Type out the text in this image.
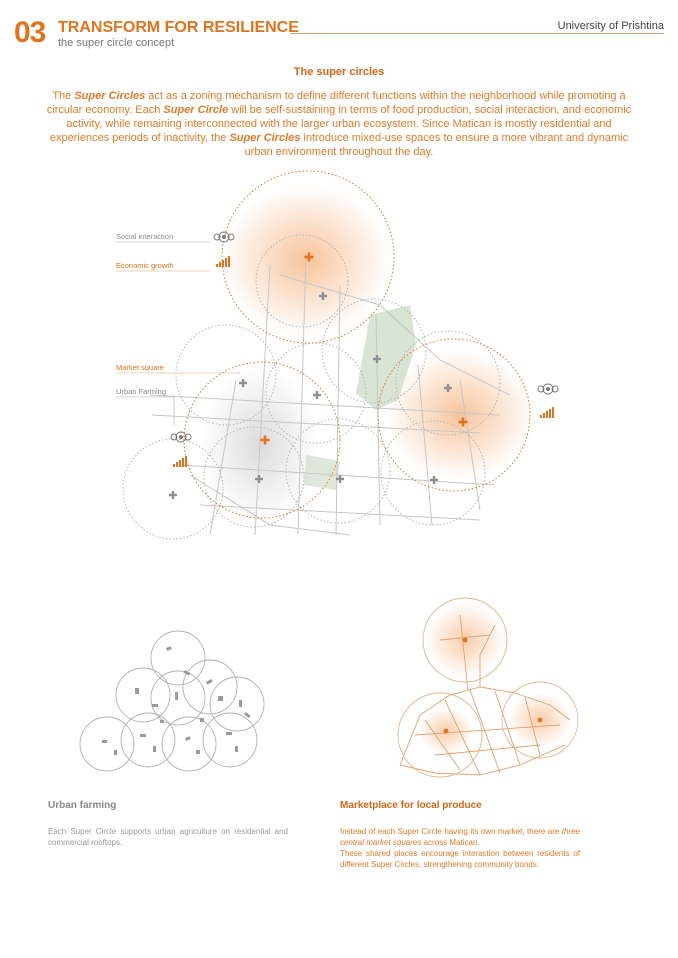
03 TRANSFORM FOR RESILIENCE
the super circle concept
University of Prishtina
The super circles
The Super Circles act as a zoning mechanism to define different functions within the neighborhood while promoting a circular economy. Each Super Circle will be self-sustaining in terms of food production, social interaction, and economic activity, while remaining interconnected with the larger urban ecosystem. Since Matican is mostly residential and experiences periods of inactivity, the Super Circles introduce mixed-use spaces to ensure a more vibrant and dynamic urban environment throughout the day.
Social interaction
Economic growth
Market square
Urban Farming
Urban farming
Each Super Circle supports urban agriculture on residential and commercial rooftops.
Marketplace for local produce
Instead of each Super Circle having its own market, there are three central market squares across Matican.
These shared places encourage interaction between residents of different Super Circles, strengthening community bonds.
